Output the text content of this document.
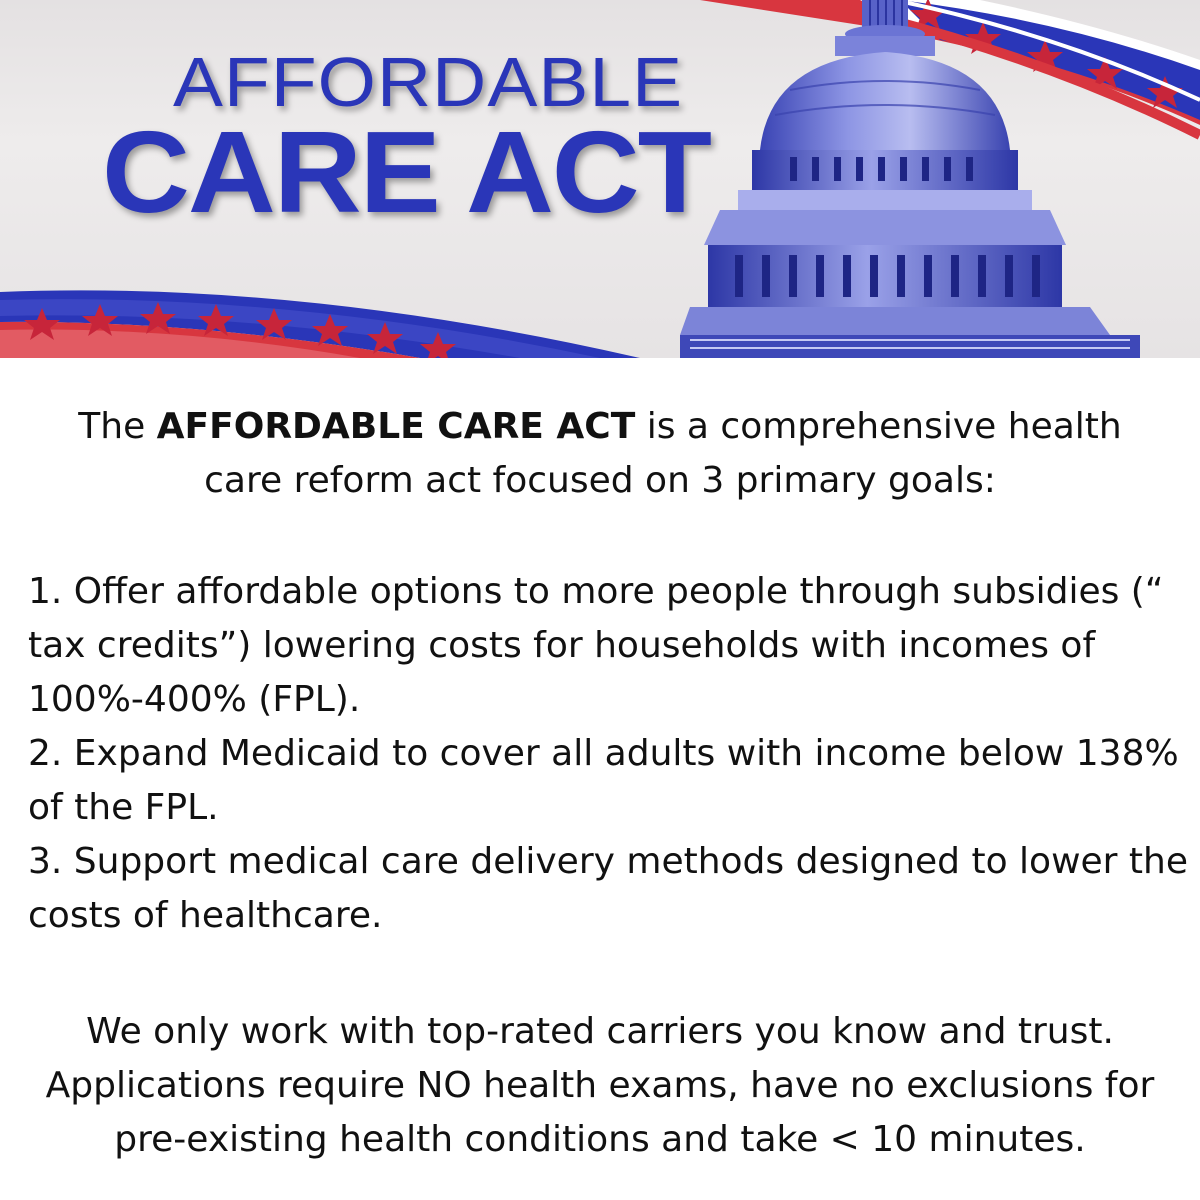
AFFORDABLE
CARE ACT
The AFFORDABLE CARE ACT is a comprehensive health care reform act focused on 3 primary goals:
1. Offer affordable options to more people through subsidies (“ tax credits”) lowering costs for households with incomes of 100%-400% (FPL).
2. Expand Medicaid to cover all adults with income below 138% of the FPL.
3. Support medical care delivery methods designed to lower the costs of healthcare.
We only work with top-rated carriers you know and trust. Applications require NO health exams, have no exclusions for pre-existing health conditions and take < 10 minutes.
